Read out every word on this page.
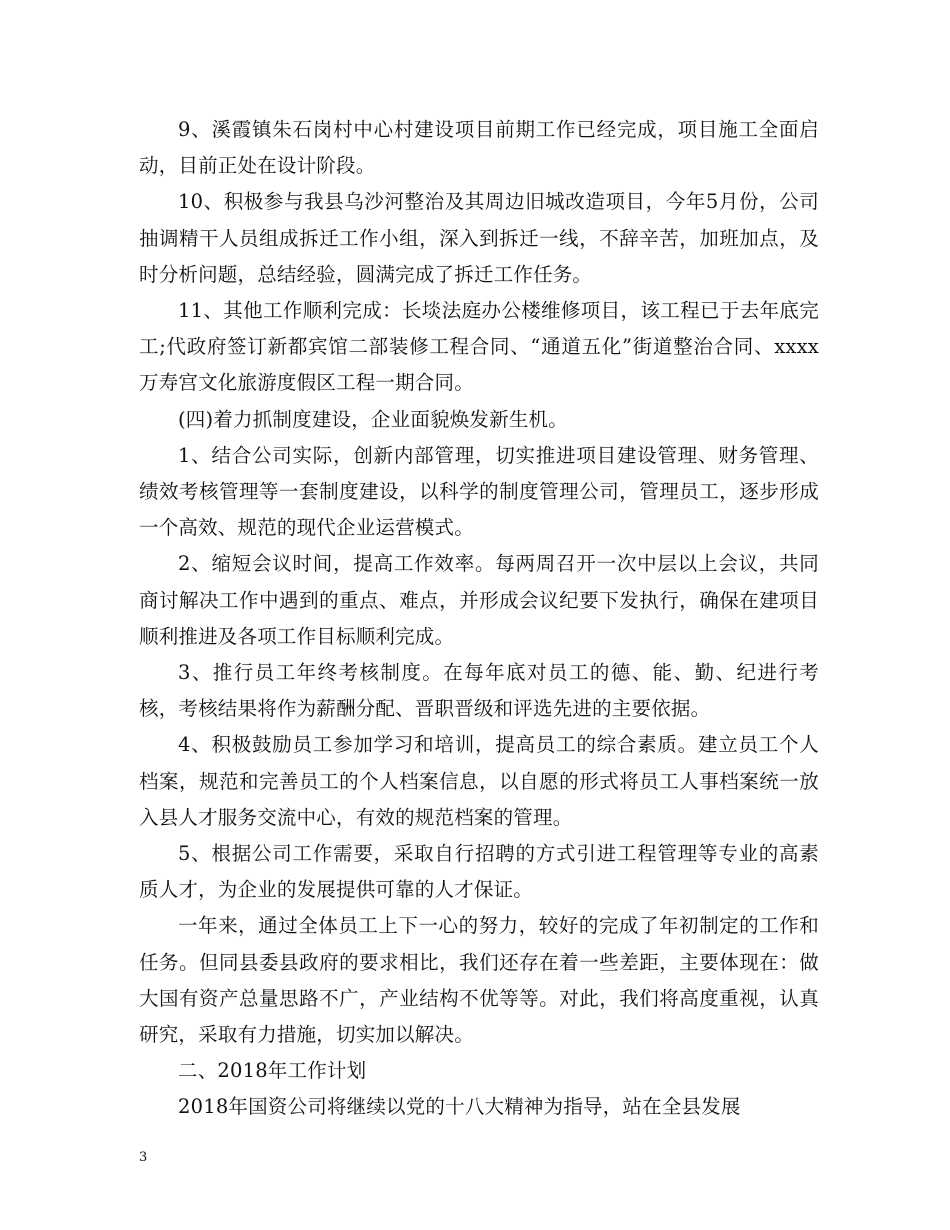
9、溪霞镇朱石岗村中心村建设项目前期工作已经完成，项目施工全面启动，目前正处在设计阶段。

10、积极参与我县乌沙河整治及其周边旧城改造项目，今年5月份，公司抽调精干人员组成拆迁工作小组，深入到拆迁一线，不辞辛苦，加班加点，及时分析问题，总结经验，圆满完成了拆迁工作任务。

11、其他工作顺利完成：长埮法庭办公楼维修项目，该工程已于去年底完工;代政府签订新都宾馆二部装修工程合同、“通道五化”街道整治合同、xxxx万寿宫文化旅游度假区工程一期合同。

(四)着力抓制度建设，企业面貌焕发新生机。

1、结合公司实际，创新内部管理，切实推进项目建设管理、财务管理、绩效考核管理等一套制度建设，以科学的制度管理公司，管理员工，逐步形成一个高效、规范的现代企业运营模式。

2、缩短会议时间，提高工作效率。每两周召开一次中层以上会议，共同商讨解决工作中遇到的重点、难点，并形成会议纪要下发执行，确保在建项目顺利推进及各项工作目标顺利完成。

3、推行员工年终考核制度。在每年底对员工的德、能、勤、纪进行考核，考核结果将作为薪酬分配、晋职晋级和评选先进的主要依据。

4、积极鼓励员工参加学习和培训，提高员工的综合素质。建立员工个人档案，规范和完善员工的个人档案信息，以自愿的形式将员工人事档案统一放入县人才服务交流中心，有效的规范档案的管理。

5、根据公司工作需要，采取自行招聘的方式引进工程管理等专业的高素质人才，为企业的发展提供可靠的人才保证。

一年来，通过全体员工上下一心的努力，较好的完成了年初制定的工作和任务。但同县委县政府的要求相比，我们还存在着一些差距，主要体现在：做大国有资产总量思路不广，产业结构不优等等。对此，我们将高度重视，认真研究，采取有力措施，切实加以解决。

二、2018年工作计划

2018年国资公司将继续以党的十八大精神为指导，站在全县发展

3
